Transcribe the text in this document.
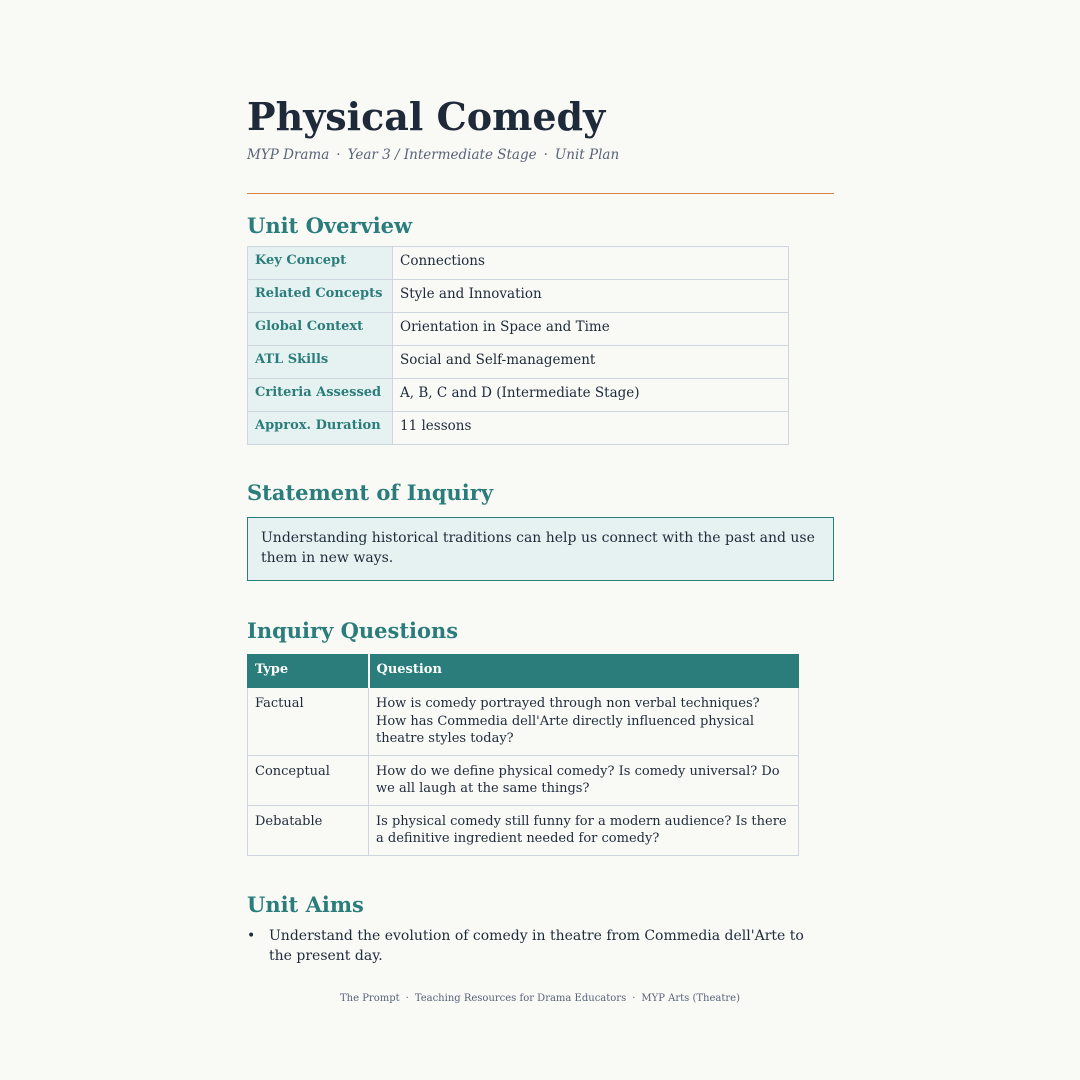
Physical Comedy
MYP Drama · Year 3 / Intermediate Stage · Unit Plan
Unit Overview
Key Concept	Connections
Related Concepts	Style and Innovation
Global Context	Orientation in Space and Time
ATL Skills	Social and Self-management
Criteria Assessed	A, B, C and D (Intermediate Stage)
Approx. Duration	11 lessons
Statement of Inquiry
Understanding historical traditions can help us connect with the past and use them in new ways.
Inquiry Questions
Type	Question
Factual	How is comedy portrayed through non verbal techniques? How has Commedia dell'Arte directly influenced physical theatre styles today?
Conceptual	How do we define physical comedy? Is comedy universal? Do we all laugh at the same things?
Debatable	Is physical comedy still funny for a modern audience? Is there a definitive ingredient needed for comedy?
Unit Aims
• Understand the evolution of comedy in theatre from Commedia dell'Arte to the present day.
The Prompt · Teaching Resources for Drama Educators · MYP Arts (Theatre)
